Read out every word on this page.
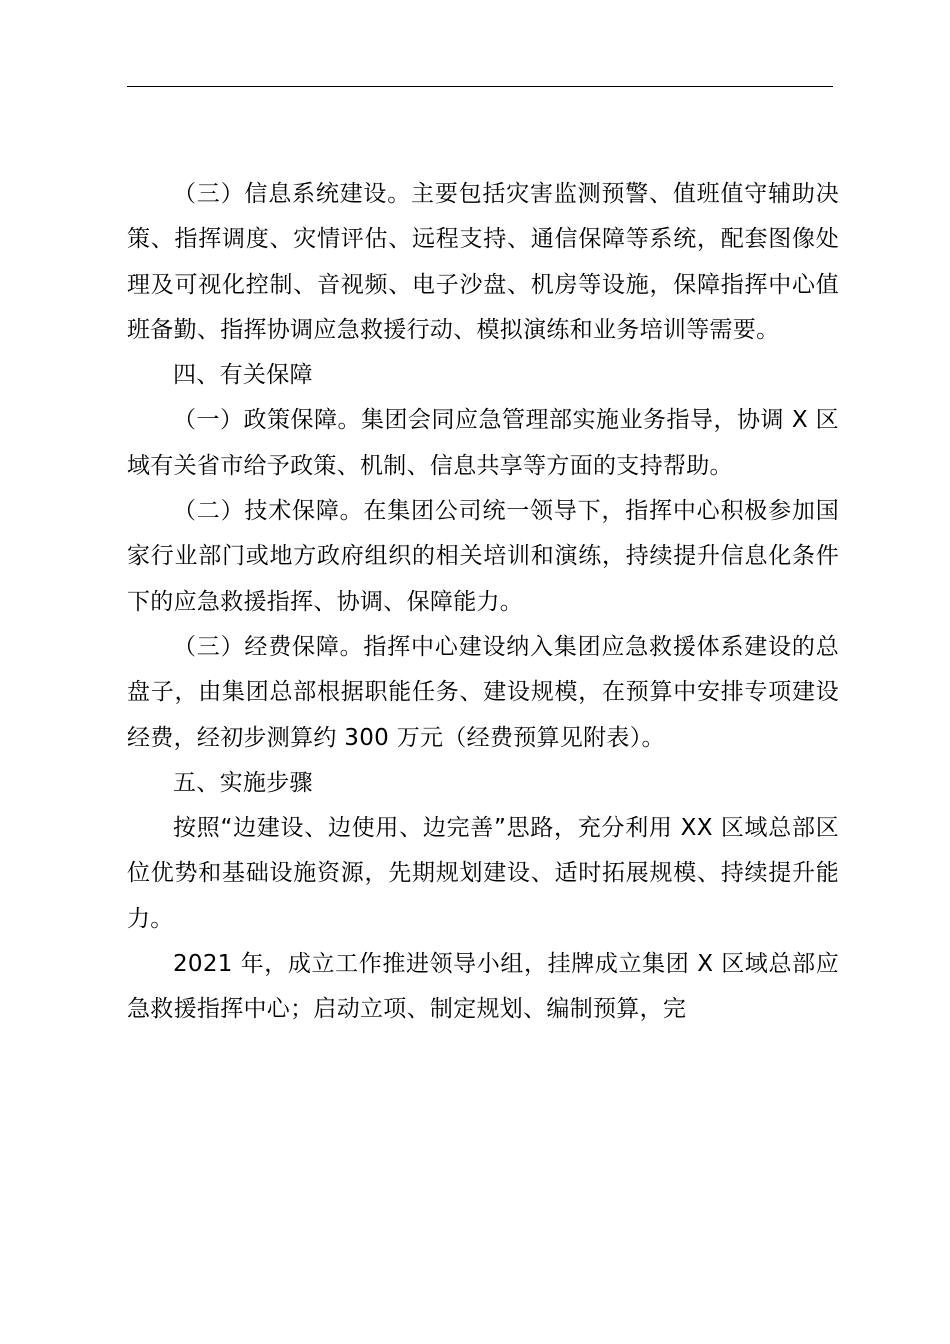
（三）信息系统建设。主要包括灾害监测预警、值班值守辅助决策、指挥调度、灾情评估、远程支持、通信保障等系统，配套图像处理及可视化控制、音视频、电子沙盘、机房等设施，保障指挥中心值班备勤、指挥协调应急救援行动、模拟演练和业务培训等需要。

四、有关保障

（一）政策保障。集团会同应急管理部实施业务指导，协调 X 区域有关省市给予政策、机制、信息共享等方面的支持帮助。

（二）技术保障。在集团公司统一领导下，指挥中心积极参加国家行业部门或地方政府组织的相关培训和演练，持续提升信息化条件下的应急救援指挥、协调、保障能力。

（三）经费保障。指挥中心建设纳入集团应急救援体系建设的总盘子，由集团总部根据职能任务、建设规模，在预算中安排专项建设经费，经初步测算约 300 万元（经费预算见附表）。

五、实施步骤

按照“边建设、边使用、边完善”思路，充分利用 XX 区域总部区位优势和基础设施资源，先期规划建设、适时拓展规模、持续提升能力。

2021 年，成立工作推进领导小组，挂牌成立集团 X 区域总部应急救援指挥中心；启动立项、制定规划、编制预算，完
